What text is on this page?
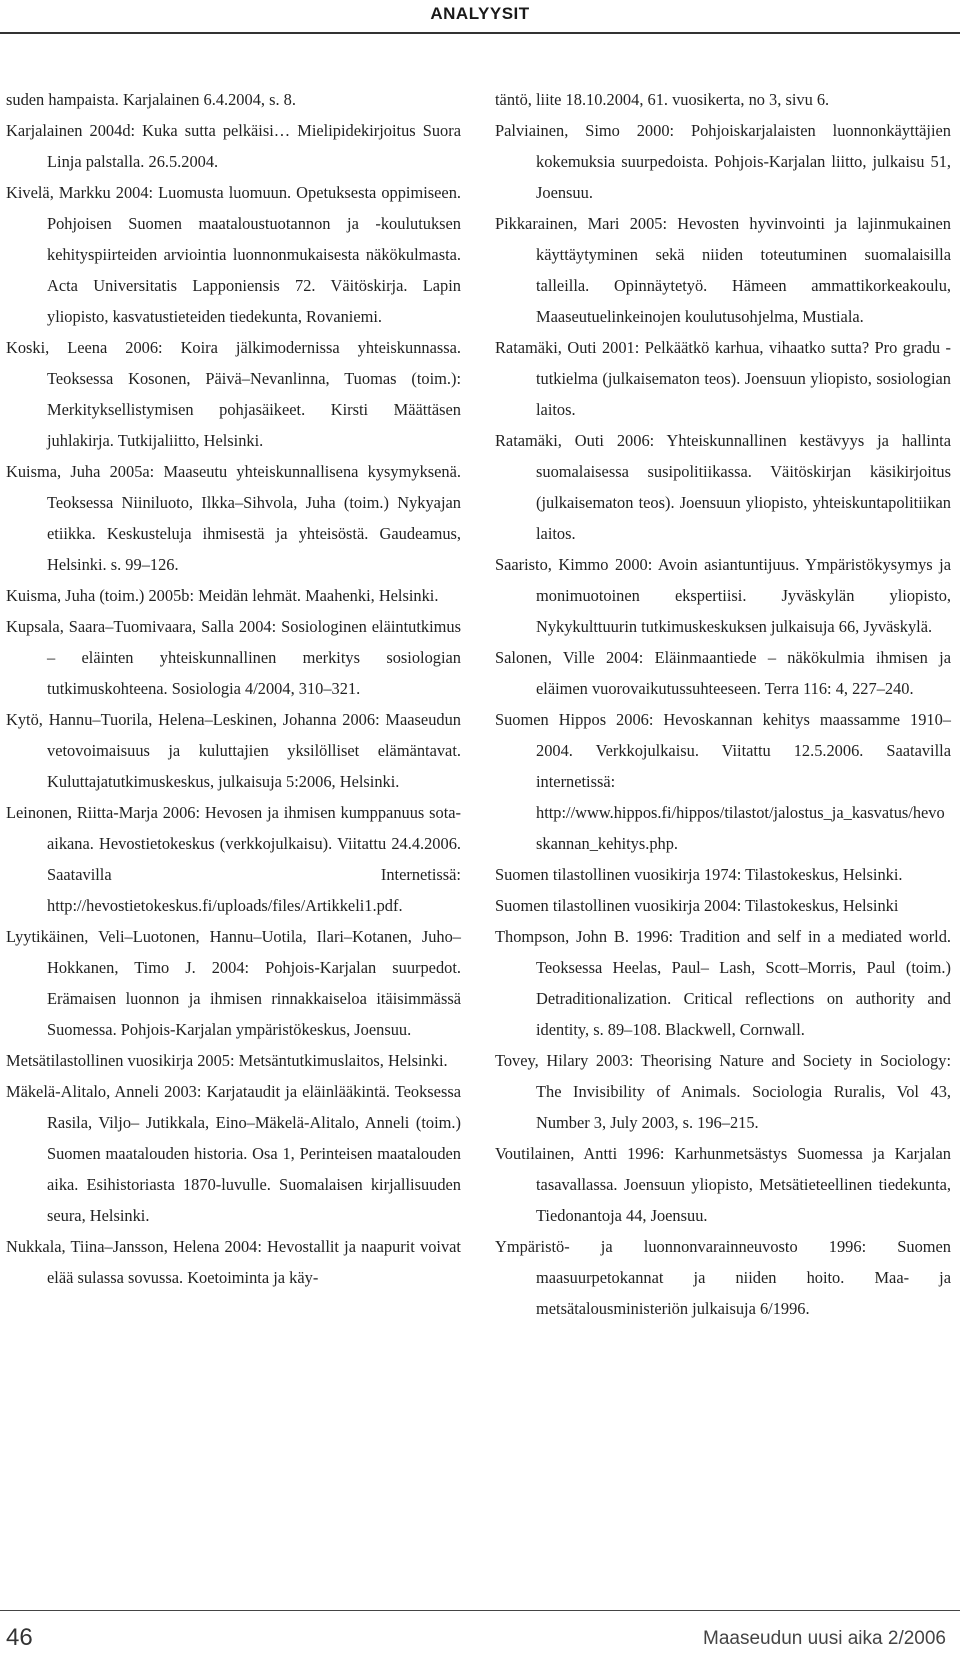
ANALYYSIT

suden hampaista. Karjalainen 6.4.2004, s. 8.

Karjalainen 2004d: Kuka sutta pelkäisi… Mielipidekirjoitus Suora Linja palstalla. 26.5.2004.

Kivelä, Markku 2004: Luomusta luomuun. Opetuksesta oppimiseen. Pohjoisen Suomen maataloustuotannon ja -koulutuksen kehityspiirteiden arviointia luonnonmukaisesta näkökulmasta. Acta Universitatis Lapponiensis 72. Väitöskirja. Lapin yliopisto, kasvatustieteiden tiedekunta, Rovaniemi.

Koski, Leena 2006: Koira jälkimodernissa yhteiskunnassa. Teoksessa Kosonen, Päivä–Nevanlinna, Tuomas (toim.): Merkityksellistymisen pohjasäikeet. Kirsti Määttäsen juhlakirja. Tutkijaliitto, Helsinki.

Kuisma, Juha 2005a: Maaseutu yhteiskunnallisena kysymyksenä. Teoksessa Niiniluoto, Ilkka–Sihvola, Juha (toim.) Nykyajan etiikka. Keskusteluja ihmisestä ja yhteisöstä. Gaudeamus, Helsinki. s. 99–126.

Kuisma, Juha (toim.) 2005b: Meidän lehmät. Maahenki, Helsinki.

Kupsala, Saara–Tuomivaara, Salla 2004: Sosiologinen eläintutkimus – eläinten yhteiskunnallinen merkitys sosiologian tutkimuskohteena. Sosiologia 4/2004, 310–321.

Kytö, Hannu–Tuorila, Helena–Leskinen, Johanna 2006: Maaseudun vetovoimaisuus ja kuluttajien yksilölliset elämäntavat. Kuluttajatutkimuskeskus, julkaisuja 5:2006, Helsinki.

Leinonen, Riitta-Marja 2006: Hevosen ja ihmisen kumppanuus sota-aikana. Hevostietokeskus (verkkojulkaisu). Viitattu 24.4.2006. Saatavilla Internetissä: http://hevostietokeskus.fi/uploads/files/Artikkeli1.pdf.

Lyytikäinen, Veli–Luotonen, Hannu–Uotila, Ilari–Kotanen, Juho–Hokkanen, Timo J. 2004: Pohjois-Karjalan suurpedot. Erämaisen luonnon ja ihmisen rinnakkaiseloa itäisimmässä Suomessa. Pohjois-Karjalan ympäristökeskus, Joensuu.

Metsätilastollinen vuosikirja 2005: Metsäntutkimuslaitos, Helsinki.

Mäkelä-Alitalo, Anneli 2003: Karjataudit ja eläinlääkintä. Teoksessa Rasila, Viljo– Jutikkala, Eino–Mäkelä-Alitalo, Anneli (toim.) Suomen maatalouden historia. Osa 1, Perinteisen maatalouden aika. Esihistoriasta 1870-luvulle. Suomalaisen kirjallisuuden seura, Helsinki.

Nukkala, Tiina–Jansson, Helena 2004: Hevostallit ja naapurit voivat elää sulassa sovussa. Koetoiminta ja käy-

täntö, liite 18.10.2004, 61. vuosikerta, no 3, sivu 6.

Palviainen, Simo 2000: Pohjoiskarjalaisten luonnonkäyttäjien kokemuksia suurpedoista. Pohjois-Karjalan liitto, julkaisu 51, Joensuu.

Pikkarainen, Mari 2005: Hevosten hyvinvointi ja lajinmukainen käyttäytyminen sekä niiden toteutuminen suomalaisilla talleilla. Opinnäytetyö. Hämeen ammattikorkeakoulu, Maaseutuelinkeinojen koulutusohjelma, Mustiala.

Ratamäki, Outi 2001: Pelkäätkö karhua, vihaatko sutta? Pro gradu -tutkielma (julkaisematon teos). Joensuun yliopisto, sosiologian laitos.

Ratamäki, Outi 2006: Yhteiskunnallinen kestävyys ja hallinta suomalaisessa susipolitiikassa. Väitöskirjan käsikirjoitus (julkaisematon teos). Joensuun yliopisto, yhteiskuntapolitiikan laitos.

Saaristo, Kimmo 2000: Avoin asiantuntijuus. Ympäristökysymys ja monimuotoinen ekspertiisi. Jyväskylän yliopisto, Nykykulttuurin tutkimuskeskuksen julkaisuja 66, Jyväskylä.

Salonen, Ville 2004: Eläinmaantiede – näkökulmia ihmisen ja eläimen vuorovaikutussuhteeseen. Terra 116: 4, 227–240.

Suomen Hippos 2006: Hevoskannan kehitys maassamme 1910–2004. Verkkojulkaisu. Viitattu 12.5.2006. Saatavilla internetissä: http://www.hippos.fi/hippos/tilastot/jalostus_ja_kasvatus/hevoskannan_kehitys.php.

Suomen tilastollinen vuosikirja 1974: Tilastokeskus, Helsinki.

Suomen tilastollinen vuosikirja 2004: Tilastokeskus, Helsinki

Thompson, John B. 1996: Tradition and self in a mediated world. Teoksessa Heelas, Paul– Lash, Scott–Morris, Paul (toim.) Detraditionalization. Critical reflections on authority and identity, s. 89–108. Blackwell, Cornwall.

Tovey, Hilary 2003: Theorising Nature and Society in Sociology: The Invisibility of Animals. Sociologia Ruralis, Vol 43, Number 3, July 2003, s. 196–215.

Voutilainen, Antti 1996: Karhunmetsästys Suomessa ja Karjalan tasavallassa. Joensuun yliopisto, Metsätieteellinen tiedekunta, Tiedonantoja 44, Joensuu.

Ympäristö- ja luonnonvarainneuvosto 1996: Suomen maasuurpetokannat ja niiden hoito. Maa- ja metsätalousministeriön julkaisuja 6/1996.

46	Maaseudun uusi aika 2/2006
